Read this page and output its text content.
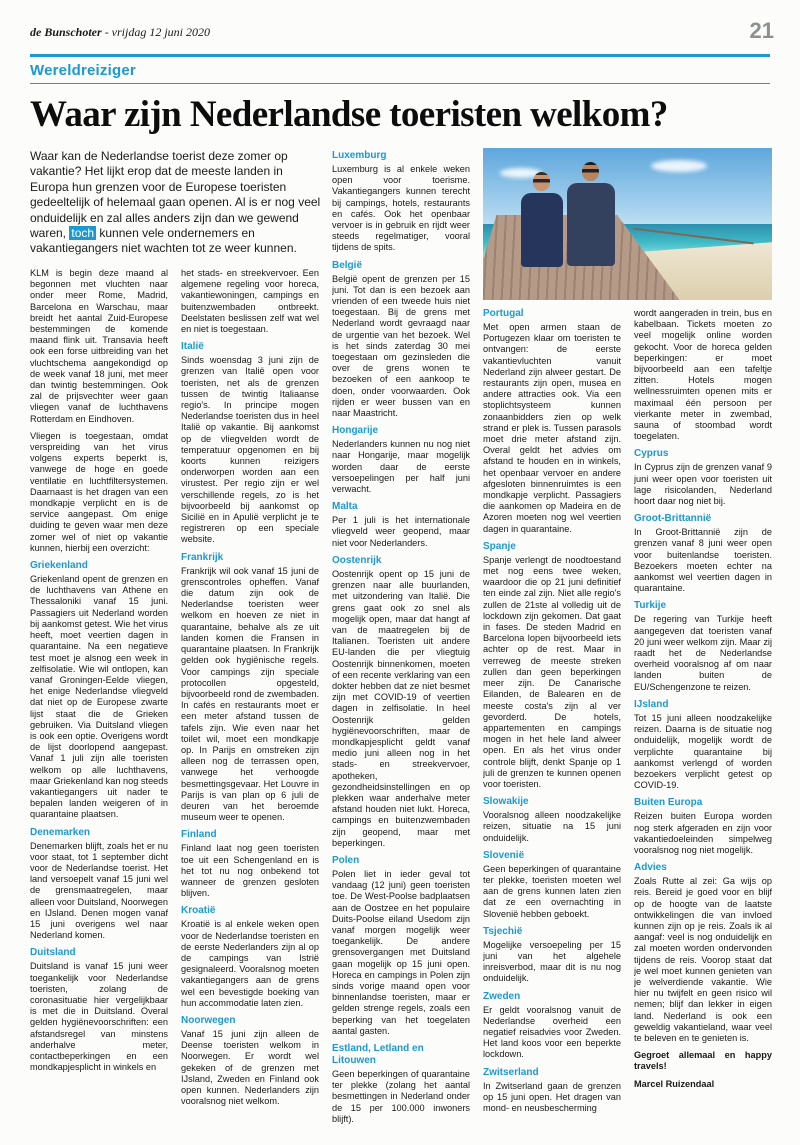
de Bunschoter - vrijdag 12 juni 2020	21
Wereldreiziger
Waar zijn Nederlandse toeristen welkom?
Waar kan de Nederlandse toerist deze zomer op vakantie? Het lijkt erop dat de meeste landen in Europa hun grenzen voor de Europese toeristen gedeeltelijk of helemaal gaan openen. Al is er nog veel onduidelijk en zal alles anders zijn dan we gewend waren, toch kunnen vele ondernemers en vakantiegangers niet wachten tot ze weer kunnen.

KLM is begin deze maand al begonnen met vluchten naar onder meer Rome, Madrid, Barcelona en Warschau, maar breidt het aantal Zuid-Europese bestemmingen de komende maand flink uit. Transavia heeft ook een forse uitbreiding van het vluchtschema aangekondigd op de week vanaf 18 juni, met meer dan twintig bestemmingen. Ook zal de prijsvechter weer gaan vliegen vanaf de luchthavens Rotterdam en Eindhoven.

Vliegen is toegestaan, omdat verspreiding van het virus volgens experts beperkt is, vanwege de hoge en goede ventilatie en luchtfiltersystemen. Daarnaast is het dragen van een mondkapje verplicht en is de service aangepast. Om enige duiding te geven waar men deze zomer wel of niet op vakantie kunnen, hierbij een overzicht:

Griekenland

Griekenland opent de grenzen en de luchthavens van Athene en Thessaloniki vanaf 15 juni. Passagiers uit Nederland worden bij aankomst getest. Wie het virus heeft, moet veertien dagen in quarantaine. Na een negatieve test moet je alsnog een week in zelfisolatie. Wie wil ontlopen, kan vanaf Groningen-Eelde vliegen, het enige Nederlandse vliegveld dat niet op de Europese zwarte lijst staat die de Grieken gebruiken. Via Duitsland vliegen is ook een optie. Overigens wordt de lijst doorlopend aangepast. Vanaf 1 juli zijn alle toeristen welkom op alle luchthavens, maar Griekenland kan nog steeds vakantiegangers uit nader te bepalen landen weigeren of in quarantaine plaatsen.

Denemarken

Denemarken blijft, zoals het er nu voor staat, tot 1 september dicht voor de Nederlandse toerist. Het land versoepelt vanaf 15 juni wel de grensmaatregelen, maar alleen voor Duitsland, Noorwegen en IJsland. Denen mogen vanaf 15 juni overigens wel naar Nederland komen.

Duitsland

Duitsland is vanaf 15 juni weer toegankelijk voor Nederlandse toeristen, zolang de coronasituatie hier vergelijkbaar is met die in Duitsland. Overal gelden hygiënevoorschriften: een afstandsregel van minstens anderhalve meter, contactbeperkingen en een mondkapjesplicht in winkels en

het stads- en streekvervoer. Een algemene regeling voor horeca, vakantiewoningen, campings en buitenzwembaden ontbreekt. Deelstaten beslissen zelf wat wel en niet is toegestaan.

Italië

Sinds woensdag 3 juni zijn de grenzen van Italië open voor toeristen, net als de grenzen tussen de twintig Italiaanse regio's. In principe mogen Nederlandse toeristen dus in heel Italië op vakantie. Bij aankomst op de vliegvelden wordt de temperatuur opgenomen en bij koorts kunnen reizigers onderworpen worden aan een virustest. Per regio zijn er wel verschillende regels, zo is het bijvoorbeeld bij aankomst op Sicilië en in Apulië verplicht je te registreren op een speciale website.

Frankrijk

Frankrijk wil ook vanaf 15 juni de grenscontroles opheffen. Vanaf die datum zijn ook de Nederlandse toeristen weer welkom en hoeven ze niet in quarantaine, behalve als ze uit landen komen die Fransen in quarantaine plaatsen. In Frankrijk gelden ook hygiënische regels. Voor campings zijn speciale protocollen opgesteld, bijvoorbeeld rond de zwembaden. In cafés en restaurants moet er een meter afstand tussen de tafels zijn. Wie even naar het toilet wil, moet een mondkapje op. In Parijs en omstreken zijn alleen nog de terrassen open, vanwege het verhoogde besmettingsgevaar. Het Louvre in Parijs is van plan op 6 juli de deuren van het beroemde museum weer te openen.

Finland

Finland laat nog geen toeristen toe uit een Schengenland en is het tot nu nog onbekend tot wanneer de grenzen gesloten blijven.

Kroatië

Kroatië is al enkele weken open voor de Nederlandse toeristen en de eerste Nederlanders zijn al op de campings van Istrië gesignaleerd. Vooralsnog moeten vakantiegangers aan de grens wel een bevestigde boeking van hun accommodatie laten zien.

Noorwegen

Vanaf 15 juni zijn alleen de Deense toeristen welkom in Noorwegen. Er wordt wel gekeken of de grenzen met IJsland, Zweden en Finland ook open kunnen. Nederlanders zijn vooralsnog niet welkom.

Luxemburg

Luxemburg is al enkele weken open voor toerisme. Vakantiegangers kunnen terecht bij campings, hotels, restaurants en cafés. Ook het openbaar vervoer is in gebruik en rijdt weer steeds regelmatiger, vooral tijdens de spits.

België

België opent de grenzen per 15 juni. Tot dan is een bezoek aan vrienden of een tweede huis niet toegestaan. Bij de grens met Nederland wordt gevraagd naar de urgentie van het bezoek. Wel is het sinds zaterdag 30 mei toegestaan om gezinsleden die over de grens wonen te bezoeken of een aankoop te doen, onder voorwaarden. Ook rijden er weer bussen van en naar Maastricht.

Hongarije

Nederlanders kunnen nu nog niet naar Hongarije, maar mogelijk worden daar de eerste versoepelingen per half juni verwacht.

Malta

Per 1 juli is het internationale vliegveld weer geopend, maar niet voor Nederlanders.

Oostenrijk

Oostenrijk opent op 15 juni de grenzen naar alle buurlanden, met uitzondering van Italië. Die grens gaat ook zo snel als mogelijk open, maar dat hangt af van de maatregelen bij de Italianen. Toeristen uit andere EU-landen die per vliegtuig Oostenrijk binnenkomen, moeten of een recente verklaring van een dokter hebben dat ze niet besmet zijn met COVID-19 of veertien dagen in zelfisolatie. In heel Oostenrijk gelden hygiënevoorschriften, maar de mondkapjesplicht geldt vanaf medio juni alleen nog in het stads- en streekvervoer, apotheken, gezondheidsinstellingen en op plekken waar anderhalve meter afstand houden niet lukt. Horeca, campings en buitenzwembaden zijn geopend, maar met beperkingen.

Polen

Polen liet in ieder geval tot vandaag (12 juni) geen toeristen toe. De West-Poolse badplaatsen aan de Oostzee en het populaire Duits-Poolse eiland Usedom zijn vanaf morgen mogelijk weer toegankelijk. De andere grensovergangen met Duitsland gaan mogelijk op 15 juni open. Horeca en campings in Polen zijn sinds vorige maand open voor binnenlandse toeristen, maar er gelden strenge regels, zoals een beperking van het toegelaten aantal gasten.

Estland, Letland en Litouwen

Geen beperkingen of quarantaine ter plekke (zolang het aantal besmettingen in Nederland onder de 15 per 100.000 inwoners blijft).

Portugal

Met open armen staan de Portugezen klaar om toeristen te ontvangen: de eerste vakantievluchten vanuit Nederland zijn alweer gestart. De restaurants zijn open, musea en andere attracties ook. Via een stoplichtsysteem kunnen zonaanbidders zien op welk strand er plek is. Tussen parasols moet drie meter afstand zijn. Overal geldt het advies om afstand te houden en in winkels, het openbaar vervoer en andere afgesloten binnenruimtes is een mondkapje verplicht. Passagiers die aankomen op Madeira en de Azoren moeten nog wel veertien dagen in quarantaine.

Spanje

Spanje verlengt de noodtoestand met nog eens twee weken, waardoor die op 21 juni definitief ten einde zal zijn. Niet alle regio's zullen de 21ste al volledig uit de lockdown zijn gekomen. Dat gaat in fases. De steden Madrid en Barcelona lopen bijvoorbeeld iets achter op de rest. Maar in verreweg de meeste streken zullen dan geen beperkingen meer zijn. De Canarische Eilanden, de Balearen en de meeste costa's zijn al ver gevorderd. De hotels, appartementen en campings mogen in het hele land alweer open. En als het virus onder controle blijft, denkt Spanje op 1 juli de grenzen te kunnen openen voor toeristen.

Slowakije

Vooralsnog alleen noodzakelijke reizen, situatie na 15 juni onduidelijk.

Slovenië

Geen beperkingen of quarantaine ter plekke, toeristen moeten wel aan de grens kunnen laten zien dat ze een overnachting in Slovenië hebben geboekt.

Tsjechië

Mogelijke versoepeling per 15 juni van het algehele inreisverbod, maar dit is nu nog onduidelijk.

Zweden

Er geldt vooralsnog vanuit de Nederlandse overheid een negatief reisadvies voor Zweden. Het land koos voor een beperkte lockdown.

Zwitserland

In Zwitserland gaan de grenzen op 15 juni open. Het dragen van mond- en neusbescherming

wordt aangeraden in trein, bus en kabelbaan. Tickets moeten zo veel mogelijk online worden gekocht. Voor de horeca gelden beperkingen: er moet bijvoorbeeld aan een tafeltje zitten. Hotels mogen wellnessruimten openen mits er maximaal één persoon per vierkante meter in zwembad, sauna of stoombad wordt toegelaten.

Cyprus

In Cyprus zijn de grenzen vanaf 9 juni weer open voor toeristen uit lage risicolanden, Nederland hoort daar nog niet bij.

Groot-Brittannië

In Groot-Brittannië zijn de grenzen vanaf 8 juni weer open voor buitenlandse toeristen. Bezoekers moeten echter na aankomst wel veertien dagen in quarantaine.

Turkije

De regering van Turkije heeft aangegeven dat toeristen vanaf 20 juni weer welkom zijn. Maar zij raadt het de Nederlandse overheid vooralsnog af om naar landen buiten de EU/Schengenzone te reizen.

IJsland

Tot 15 juni alleen noodzakelijke reizen. Daarna is de situatie nog onduidelijk, mogelijk wordt de verplichte quarantaine bij aankomst verlengd of worden bezoekers verplicht getest op COVID-19.

Buiten Europa

Reizen buiten Europa worden nog sterk afgeraden en zijn voor vakantiedoeleinden simpelweg vooralsnog nog niet mogelijk.

Advies

Zoals Rutte al zei: Ga wijs op reis. Bereid je goed voor en blijf op de hoogte van de laatste ontwikkelingen die van invloed kunnen zijn op je reis. Zoals ik al aangaf: veel is nog onduidelijk en zal moeten worden ondervonden tijdens de reis. Voorop staat dat je wel moet kunnen genieten van je welverdiende vakantie. Wie hier nu twijfelt en geen risico wil nemen; blijf dan lekker in eigen land. Nederland is ook een geweldig vakantieland, waar veel te beleven en te genieten is.

Gegroet allemaal en happy travels!

Marcel Ruizendaal
